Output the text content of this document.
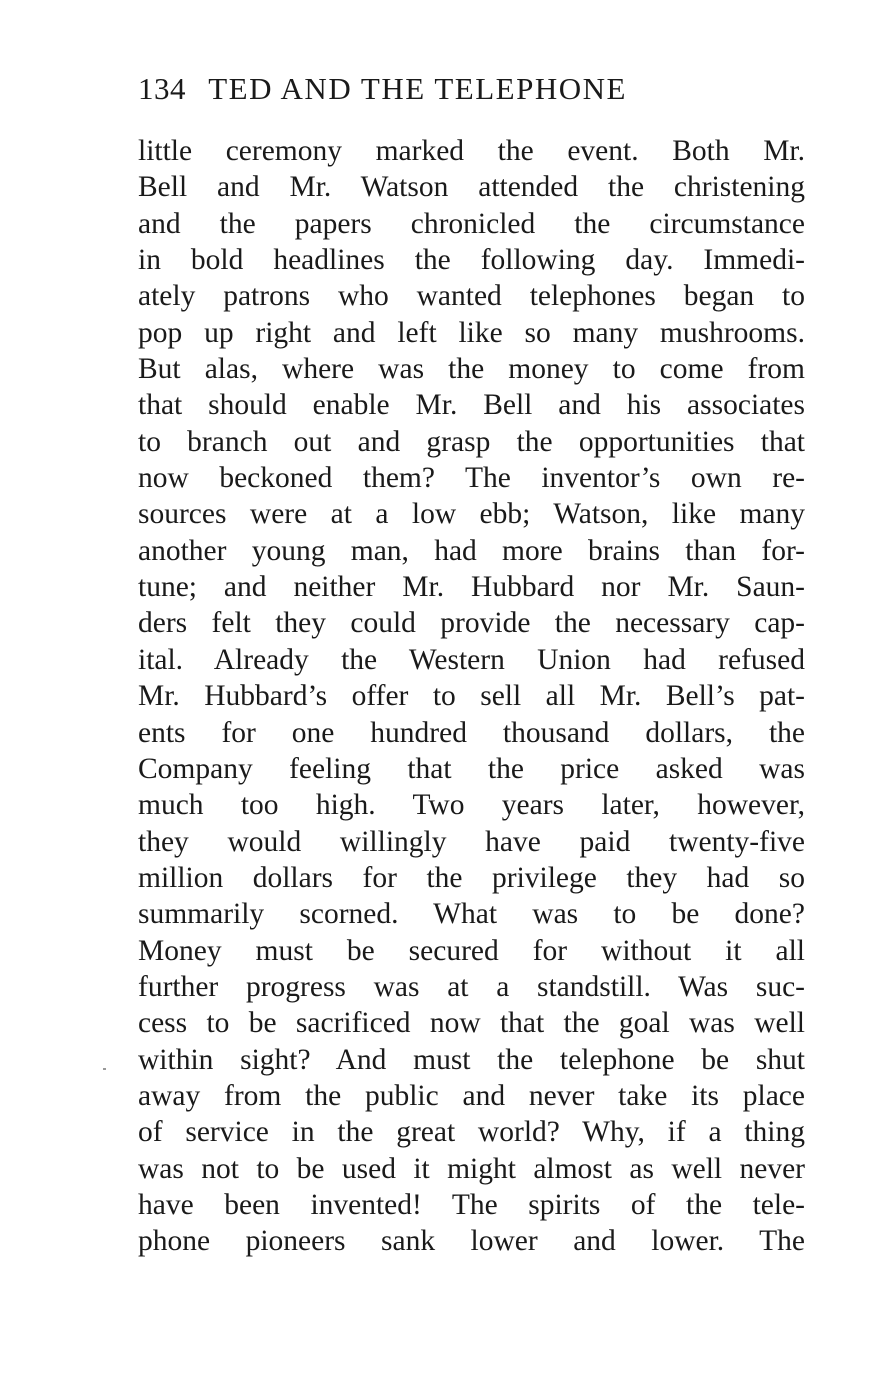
134 TED AND THE TELEPHONE
little ceremony marked the event. Both Mr.
Bell and Mr. Watson attended the christening
and the papers chronicled the circumstance
in bold headlines the following day. Immedi-
ately patrons who wanted telephones began to
pop up right and left like so many mushrooms.
But alas, where was the money to come from
that should enable Mr. Bell and his associates
to branch out and grasp the opportunities that
now beckoned them? The inventor’s own re-
sources were at a low ebb; Watson, like many
another young man, had more brains than for-
tune; and neither Mr. Hubbard nor Mr. Saun-
ders felt they could provide the necessary cap-
ital. Already the Western Union had refused
Mr. Hubbard’s offer to sell all Mr. Bell’s pat-
ents for one hundred thousand dollars, the
Company feeling that the price asked was
much too high. Two years later, however,
they would willingly have paid twenty-five
million dollars for the privilege they had so
summarily scorned. What was to be done?
Money must be secured for without it all
further progress was at a standstill. Was suc-
cess to be sacrificed now that the goal was well
within sight? And must the telephone be shut
away from the public and never take its place
of service in the great world? Why, if a thing
was not to be used it might almost as well never
have been invented! The spirits of the tele-
phone pioneers sank lower and lower. The
